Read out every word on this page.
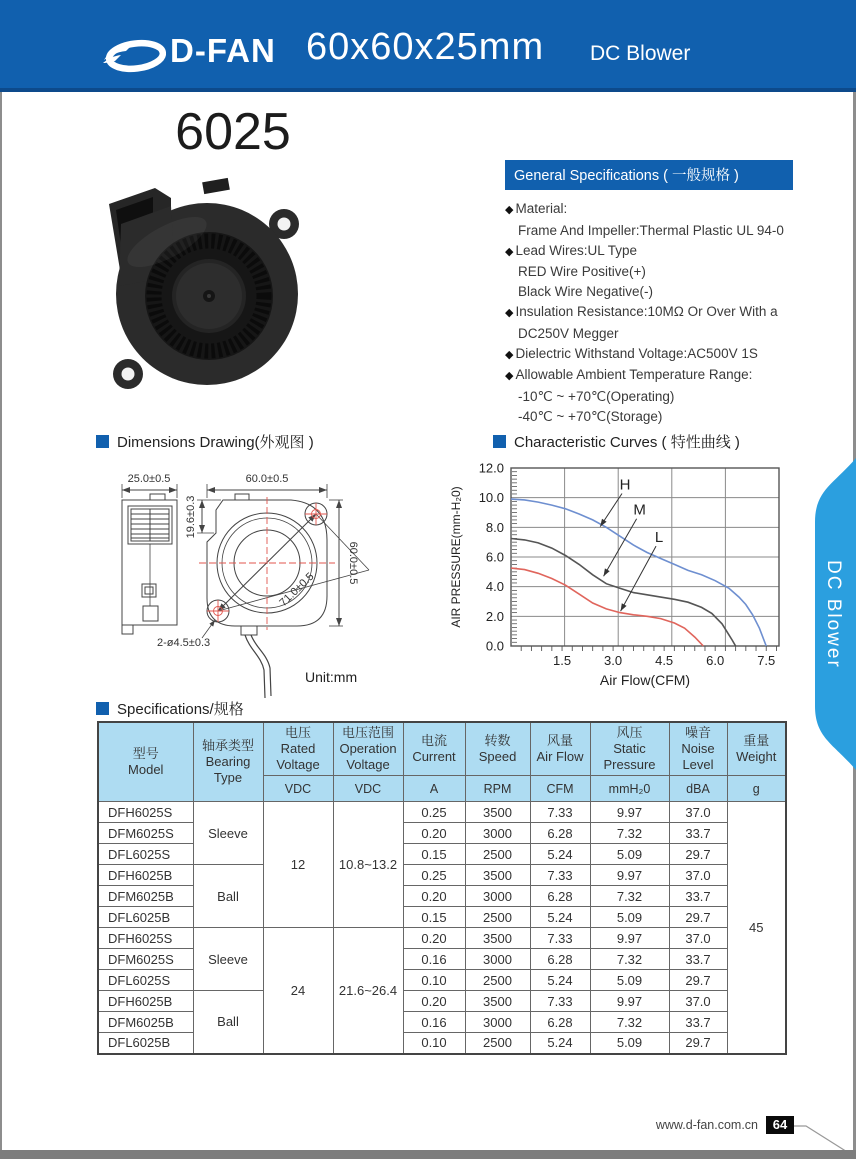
D-FAN 60x60x25mm DC Blower
6025
General Specifications ( 一般规格 )
◆ Material:
Frame And Impeller:Thermal Plastic UL 94-0
◆ Lead Wires:UL Type
RED Wire Positive(+)
Black Wire Negative(-)
◆ Insulation Resistance:10MΩ Or Over With a
DC250V Megger
◆ Dielectric Withstand Voltage:AC500V 1S
◆ Allowable Ambient Temperature Range:
-10℃ ~ +70℃(Operating)
-40℃ ~ +70℃(Storage)
Dimensions Drawing(外观图 )	Characteristic Curves ( 特性曲线 )
Specifications/规格
25.0±0.5	60.0±0.5
19.6±0.3
60.0±0.5
71.0±0.5
2-ø4.5±0.3
Unit:mm
0.0
2.0
4.0
6.0
8.0
10.0
12.0
1.5	3.0	4.5	6.0	7.5
Air Flow(CFM)
AIR PRESSURE(mm-H₂0)
H
M
L
型号
Model

轴承类型
Bearing Type

电压
Rated Voltage

电压范围
Operation Voltage

电流
Current

转数
Speed

风量
Air Flow

风压
Static Pressure

噪音
Noise Level

重量
Weight

		VDC	VDC	A	RPM	CFM	mmH₂0	dBA	g
DFH6025S	Sleeve	12	10.8~13.2	0.25	3500	7.33	9.97	37.0	45
DFM6025S				0.20	3000	6.28	7.32	33.7	
DFL6025S				0.15	2500	5.24	5.09	29.7	
DFH6025B	Ball			0.25	3500	7.33	9.97	37.0	
DFM6025B				0.20	3000	6.28	7.32	33.7	
DFL6025B				0.15	2500	5.24	5.09	29.7	
DFH6025S	Sleeve	24	21.6~26.4	0.20	3500	7.33	9.97	37.0	
DFM6025S				0.16	3000	6.28	7.32	33.7	
DFL6025S				0.10	2500	5.24	5.09	29.7	
DFH6025B	Ball			0.20	3500	7.33	9.97	37.0	
DFM6025B				0.16	3000	6.28	7.32	33.7	
DFL6025B				0.10	2500	5.24	5.09	29.7	
DC Blower
www.d-fan.com.cn	64
